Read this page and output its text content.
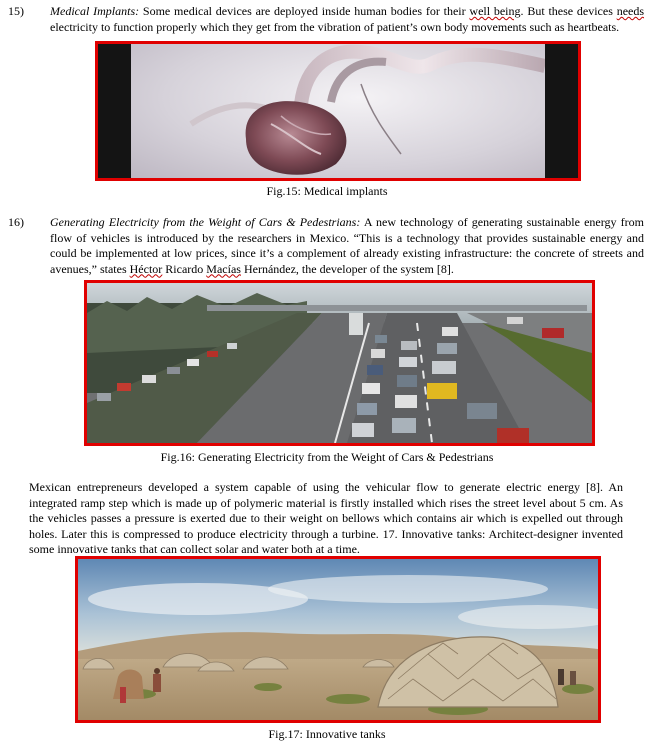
15) Medical Implants: Some medical devices are deployed inside human bodies for their well being. But these devices needs electricity to function properly which they get from the vibration of patient’s own body movements such as heartbeats.

Fig.15: Medical implants

16) Generating Electricity from the Weight of Cars & Pedestrians: A new technology of generating sustainable energy from flow of vehicles is introduced by the researchers in Mexico. “This is a technology that provides sustainable energy and could be implemented at low prices, since it’s a complement of already existing infrastructure: the concrete of streets and avenues,” states Héctor Ricardo Macías Hernández, the developer of the system [8].

Fig.16: Generating Electricity from the Weight of Cars & Pedestrians

Mexican entrepreneurs developed a system capable of using the vehicular flow to generate electric energy [8]. An integrated ramp step which is made up of polymeric material is firstly installed which rises the street level about 5 cm. As the vehicles passes a pressure is exerted due to their weight on bellows which contains air which is expelled out through holes. Later this is compressed to produce electricity through a turbine. 17. Innovative tanks: Architect-designer invented some innovative tanks that can collect solar and water both at a time.

Fig.17: Innovative tanks
